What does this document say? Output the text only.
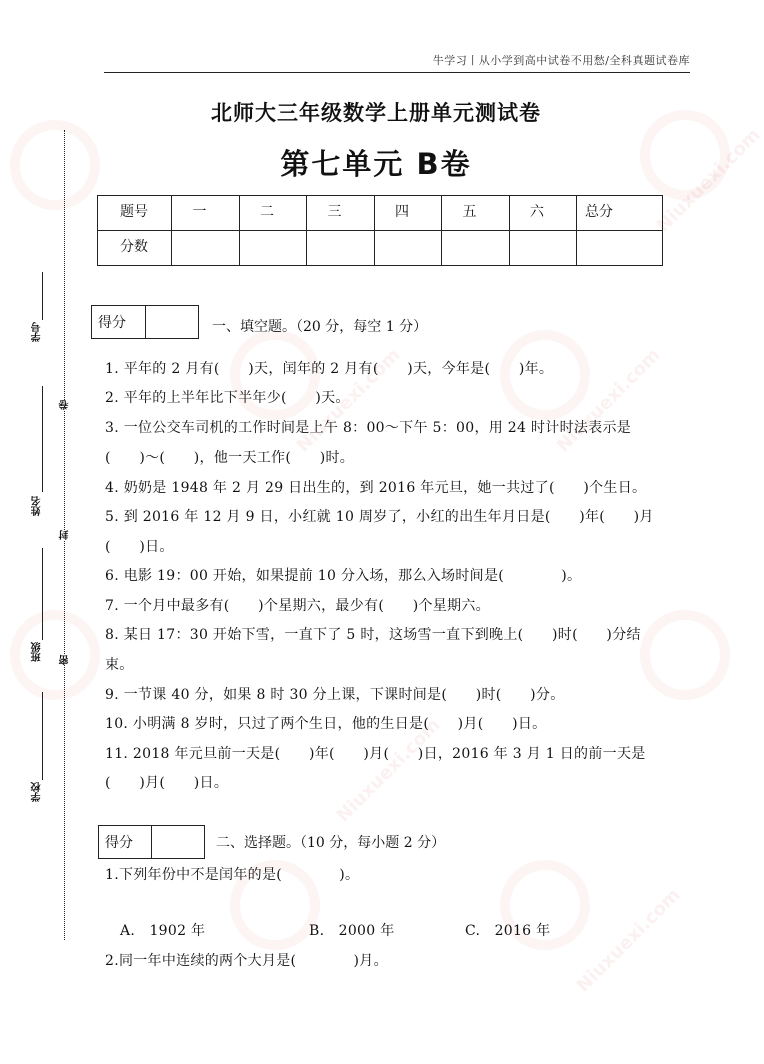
Niuxuexi.com
Niuxuexi.com	Niuxuexi.com
Niuxuexi.com
Niuxuexi.com
牛学习丨从小学到高中试卷不用愁/全科真题试卷库
北师大三年级数学上册单元测试卷
第七单元 B卷
题号	一	二	三	四	五	六	总分

分数							

学号
姓名
班级
学校
卷
封
密
得分	一、填空题。（20 分，每空 1 分）
1. 平年的 2 月有(　　)天，闰年的 2 月有(　　)天，今年是(　　)年。
2. 平年的上半年比下半年少(　　)天。
3. 一位公交车司机的工作时间是上午 8：00～下午 5：00，用 24 时计时法表示是
(　　)～(　　)，他一天工作(　　)时。
4. 奶奶是 1948 年 2 月 29 日出生的，到 2016 年元旦，她一共过了(　　)个生日。
5. 到 2016 年 12 月 9 日，小红就 10 周岁了，小红的出生年月日是(　　)年(　　)月
(　　)日。
6. 电影 19：00 开始，如果提前 10 分入场，那么入场时间是(　　　　)。
7. 一个月中最多有(　　)个星期六，最少有(　　)个星期六。
8. 某日 17：30 开始下雪，一直下了 5 时，这场雪一直下到晚上(　　)时(　　)分结
束。
9. 一节课 40 分，如果 8 时 30 分上课，下课时间是(　　)时(　　)分。
10. 小明满 8 岁时，只过了两个生日，他的生日是(　　)月(　　)日。
11. 2018 年元旦前一天是(　　)年(　　)月(　　)日，2016 年 3 月 1 日的前一天是
(　　)月(　　)日。
得分	二、选择题。（10 分，每小题 2 分）
1.下列年份中不是闰年的是(　　　　)。
A.　1902 年	B.　2000 年	C.　2016 年
2.同一年中连续的两个大月是(　　　　)月。
